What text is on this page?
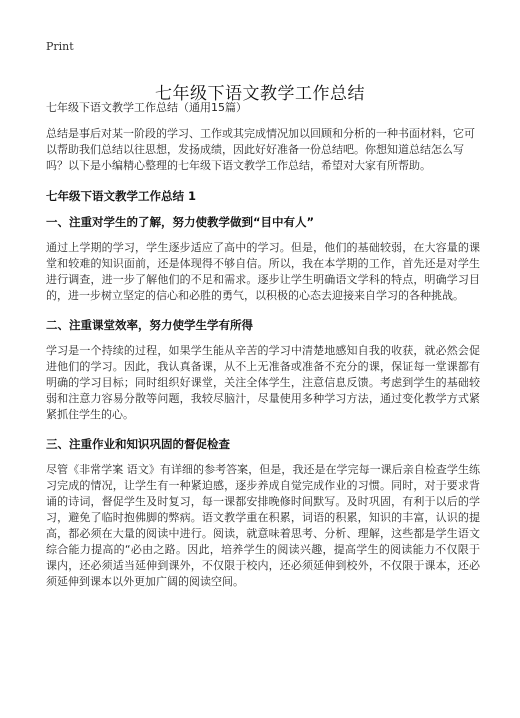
Print
七年级下语文教学工作总结

七年级下语文教学工作总结（通用15篇）

总结是事后对某一阶段的学习、工作或其完成情况加以回顾和分析的一种书面材料，它可以帮助我们总结以往思想，发扬成绩，因此好好准备一份总结吧。你想知道总结怎么写吗？以下是小编精心整理的七年级下语文教学工作总结，希望对大家有所帮助。

七年级下语文教学工作总结 1
一、注重对学生的了解，努力使教学做到“目中有人”

通过上学期的学习，学生逐步适应了高中的学习。但是，他们的基础较弱，在大容量的课堂和较难的知识面前，还是体现得不够自信。所以，我在本学期的工作，首先还是对学生进行调查，进一步了解他们的不足和需求。逐步让学生明确语文学科的特点，明确学习目的，进一步树立坚定的信心和必胜的勇气，以积极的心态去迎接来自学习的各种挑战。

二、注重课堂效率，努力使学生学有所得

学习是一个持续的过程，如果学生能从辛苦的学习中清楚地感知自我的收获，就必然会促进他们的学习。因此，我认真备课，从不上无准备或准备不充分的课，保证每一堂课都有明确的学习目标；同时组织好课堂，关注全体学生，注意信息反馈。考虑到学生的基础较弱和注意力容易分散等问题，我较尽脑汁，尽量使用多种学习方法，通过变化教学方式紧紧抓住学生的心。

三、注重作业和知识巩固的督促检查

尽管《非常学案 语文》有详细的参考答案，但是，我还是在学完每一课后亲自检查学生练习完成的情况，让学生有一种紧迫感，逐步养成自觉完成作业的习惯。同时，对于要求背诵的诗词，督促学生及时复习，每一课都安排晚修时间默写。及时巩固，有利于以后的学习，避免了临时抱佛脚的弊病。语文教学重在积累，词语的积累，知识的丰富，认识的提高，都必须在大量的阅读中进行。阅读，就意味着思考、分析、理解，这些都是学生语文综合能力提高的“必由之路。因此，培养学生的阅读兴趣，提高学生的阅读能力不仅限于课内，还必须适当延伸到课外，不仅限于校内，还必须延伸到校外，不仅限于课本，还必须延伸到课本以外更加广阔的阅读空间。
